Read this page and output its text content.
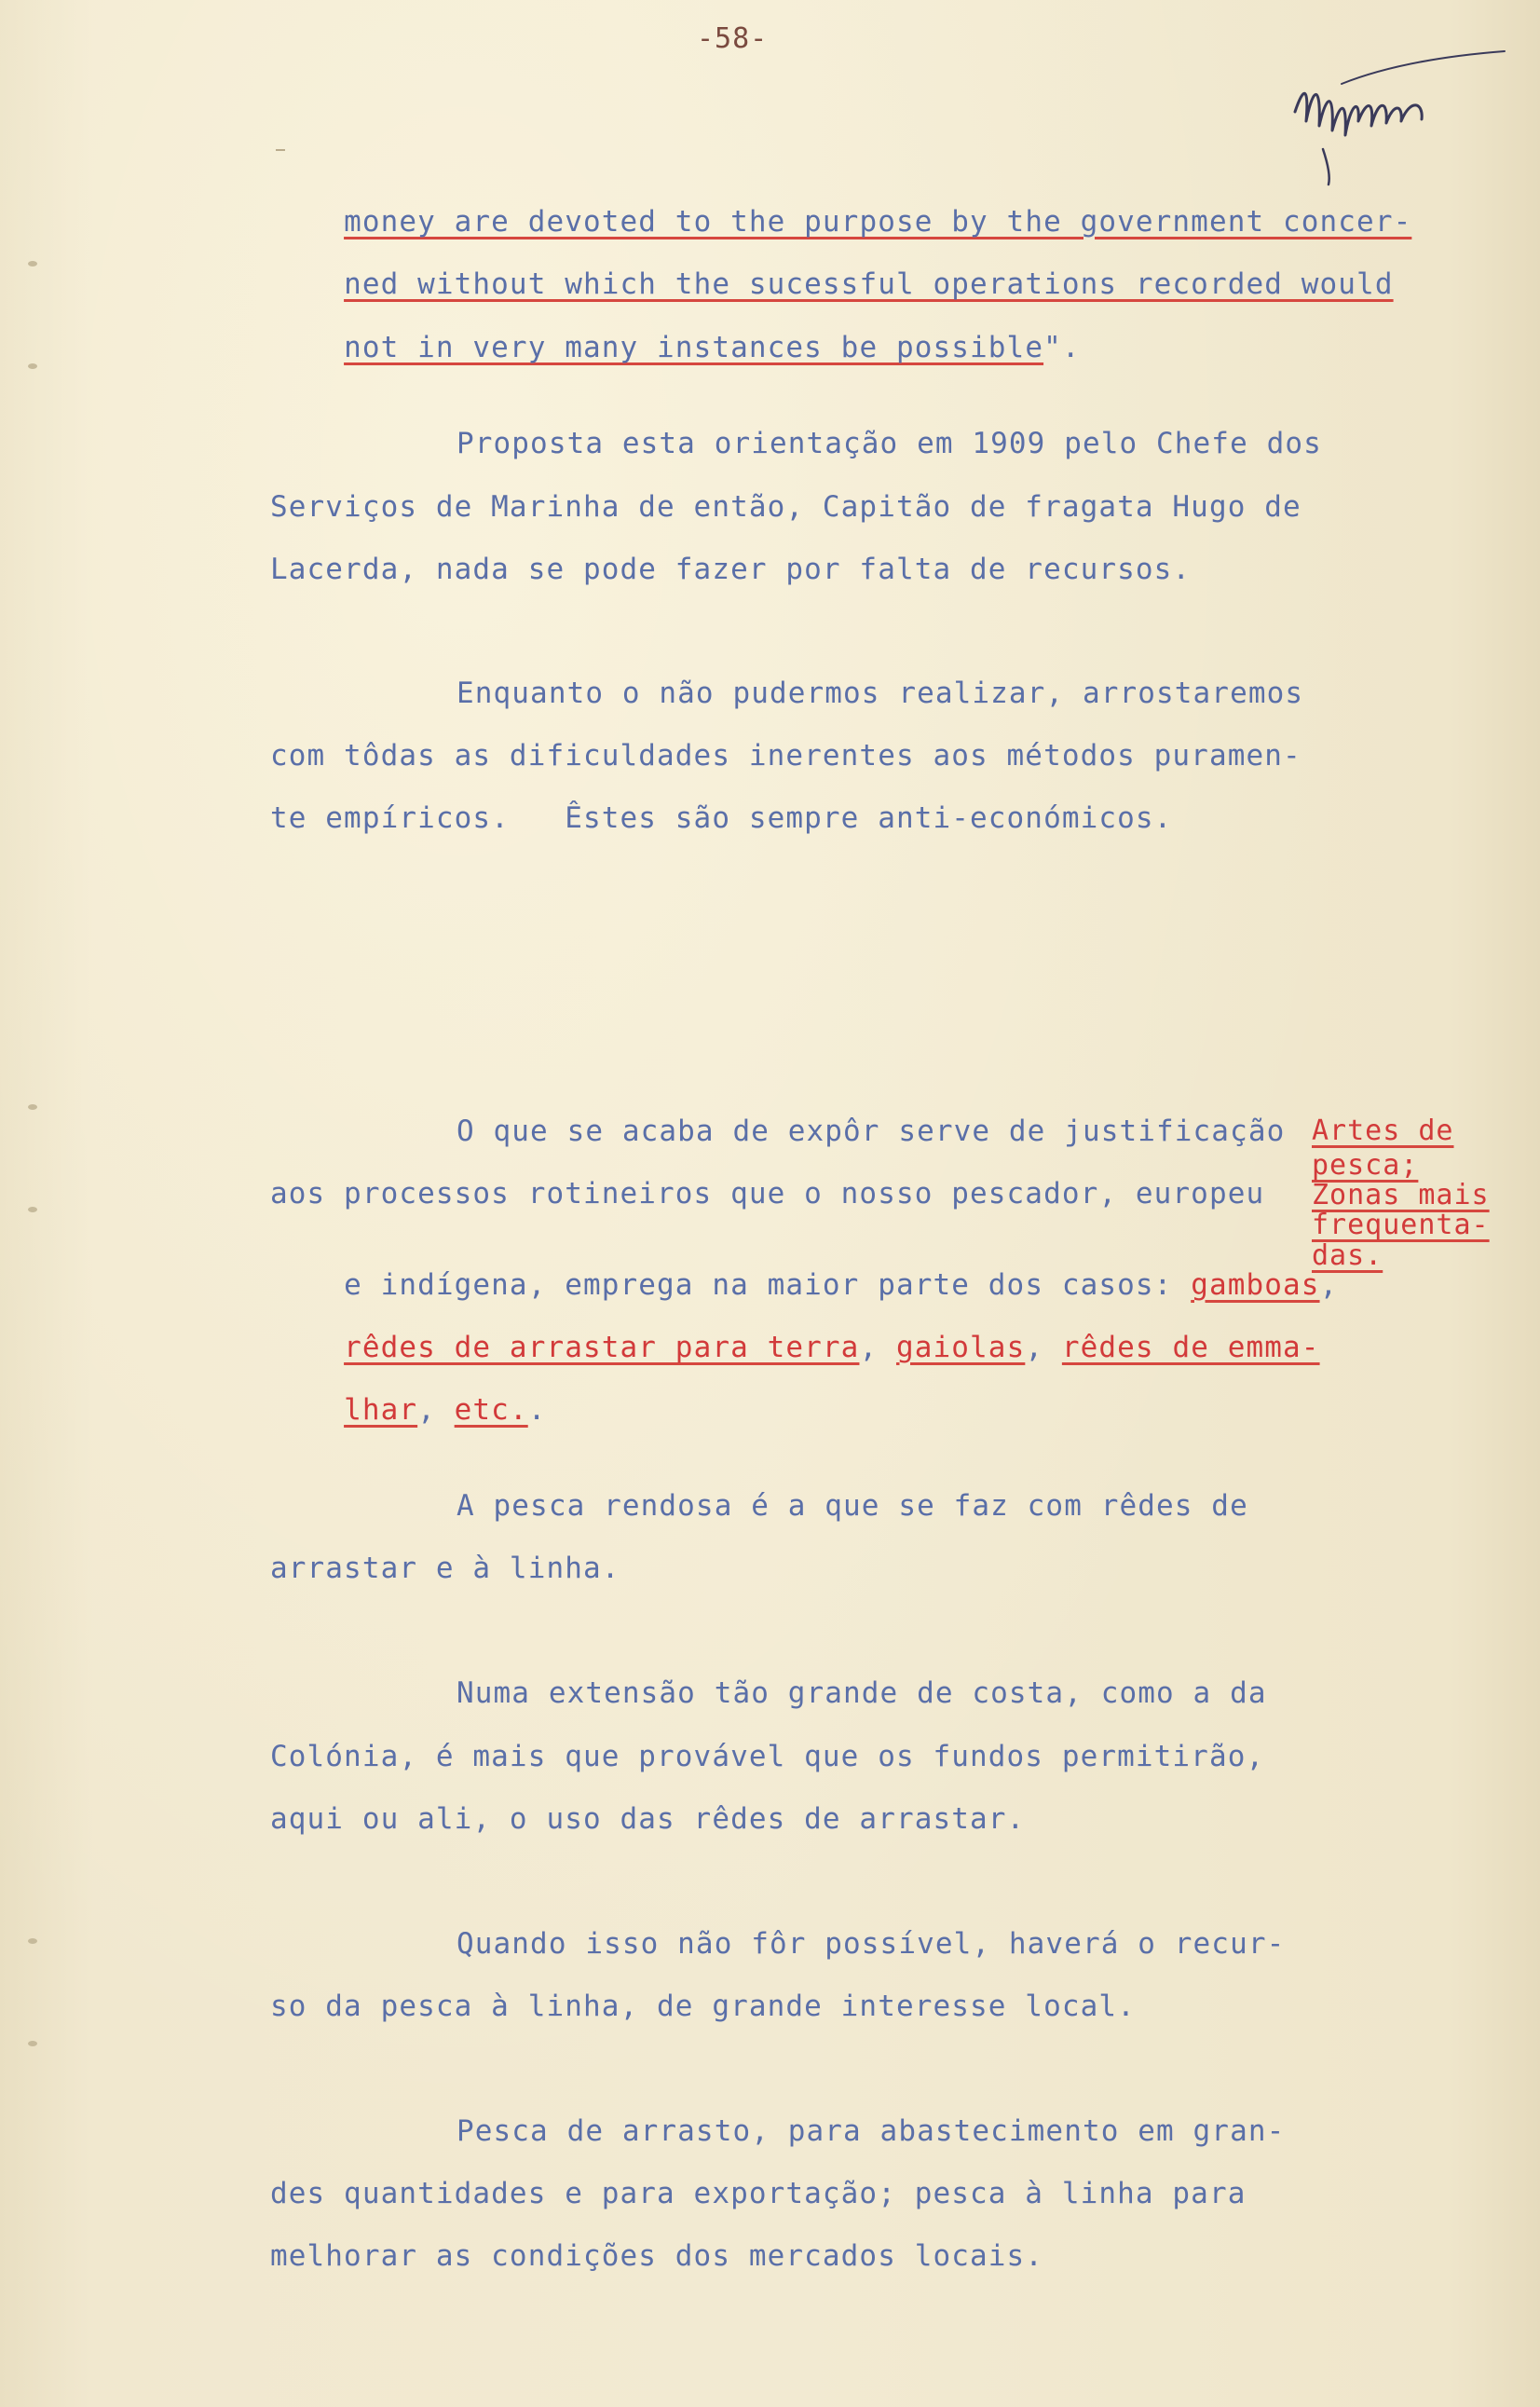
-58-

money are devoted to the purpose by the government concer-

ned without which the sucessful operations recorded would

not in very many instances be possible".

Proposta esta orientação em 1909 pelo Chefe dos
Serviços de Marinha de então, Capitão de fragata Hugo de
Lacerda, nada se pode fazer por falta de recursos.
Enquanto o não pudermos realizar, arrostaremos
com tôdas as dificuldades inerentes aos métodos puramen-
te empíricos.   Êstes são sempre anti-económicos.
O que se acaba de expôr serve de justificação
aos processos rotineiros que o nosso pescador, europeu

e indígena, emprega na maior parte dos casos: gamboas,

rêdes de arrastar para terra, gaiolas, rêdes de emma-

lhar, etc..

Artes de
pesca;
Zonas mais
frequenta-
das.
A pesca rendosa é a que se faz com rêdes de
arrastar e à linha.
Numa extensão tão grande de costa, como a da
Colónia, é mais que provável que os fundos permitirão,
aqui ou ali, o uso das rêdes de arrastar.
Quando isso não fôr possível, haverá o recur-
so da pesca à linha, de grande interesse local.
Pesca de arrasto, para abastecimento em gran-
des quantidades e para exportação; pesca à linha para
melhorar as condições dos mercados locais.
